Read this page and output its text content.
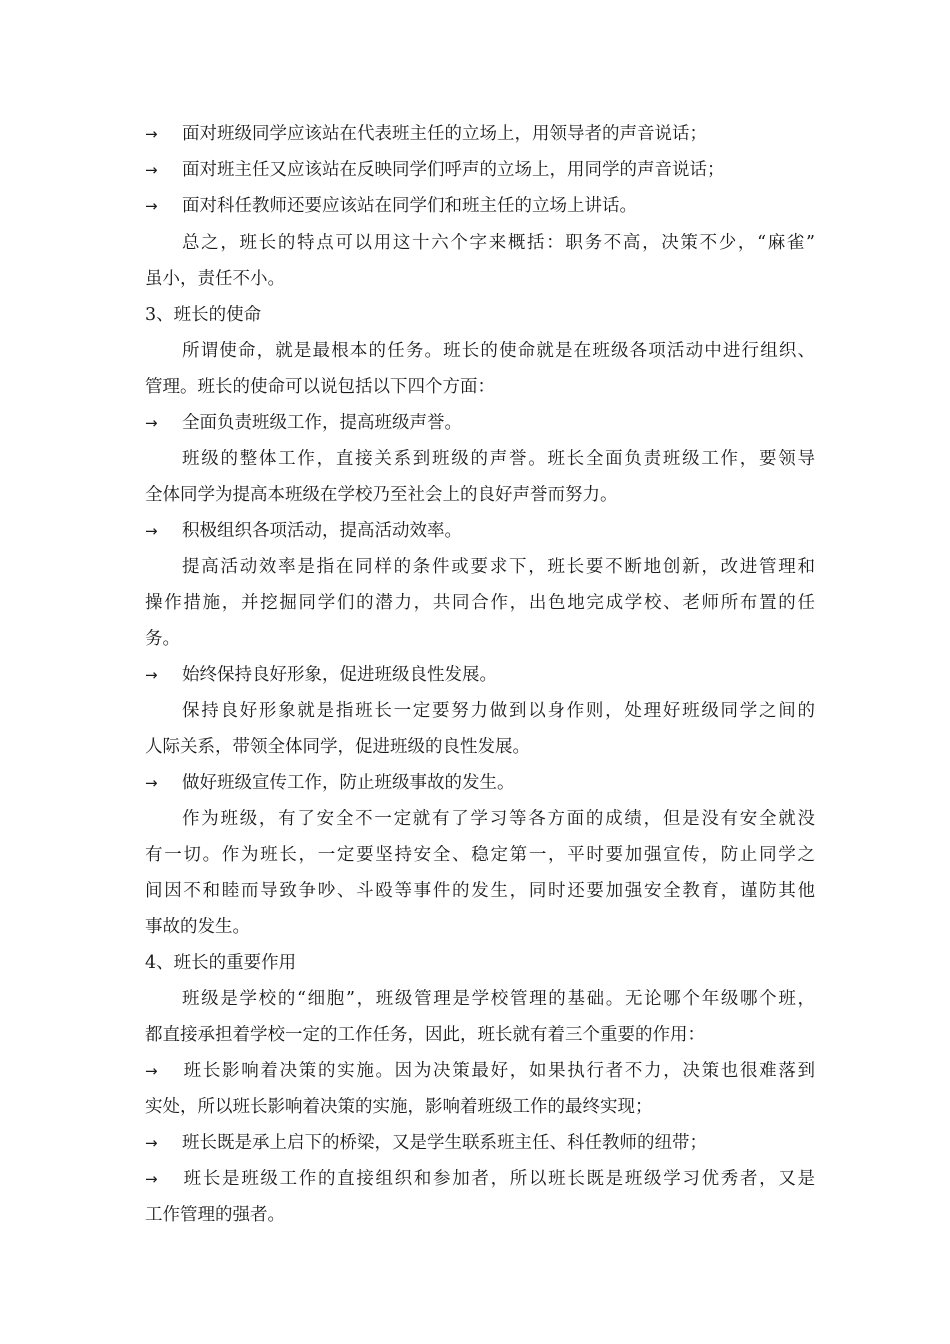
→ 面对班级同学应该站在代表班主任的立场上，用领导者的声音说话；
→ 面对班主任又应该站在反映同学们呼声的立场上，用同学的声音说话；
→ 面对科任教师还要应该站在同学们和班主任的立场上讲话。
总之，班长的特点可以用这十六个字来概括：职务不高，决策不少，“麻雀”
虽小，责任不小。
3、班长的使命
所谓使命，就是最根本的任务。班长的使命就是在班级各项活动中进行组织、
管理。班长的使命可以说包括以下四个方面：
→ 全面负责班级工作，提高班级声誉。
班级的整体工作，直接关系到班级的声誉。班长全面负责班级工作，要领导
全体同学为提高本班级在学校乃至社会上的良好声誉而努力。
→ 积极组织各项活动，提高活动效率。
提高活动效率是指在同样的条件或要求下，班长要不断地创新，改进管理和
操作措施，并挖掘同学们的潜力，共同合作，出色地完成学校、老师所布置的任
务。
→ 始终保持良好形象，促进班级良性发展。
保持良好形象就是指班长一定要努力做到以身作则，处理好班级同学之间的
人际关系，带领全体同学，促进班级的良性发展。
→ 做好班级宣传工作，防止班级事故的发生。
作为班级，有了安全不一定就有了学习等各方面的成绩，但是没有安全就没
有一切。作为班长，一定要坚持安全、稳定第一，平时要加强宣传，防止同学之
间因不和睦而导致争吵、斗殴等事件的发生，同时还要加强安全教育，谨防其他
事故的发生。
4、班长的重要作用
班级是学校的“细胞”，班级管理是学校管理的基础。无论哪个年级哪个班，
都直接承担着学校一定的工作任务，因此，班长就有着三个重要的作用：
→ 班长影响着决策的实施。因为决策最好，如果执行者不力，决策也很难落到
实处，所以班长影响着决策的实施，影响着班级工作的最终实现；
→ 班长既是承上启下的桥梁，又是学生联系班主任、科任教师的纽带；
→ 班长是班级工作的直接组织和参加者，所以班长既是班级学习优秀者，又是
工作管理的强者。
